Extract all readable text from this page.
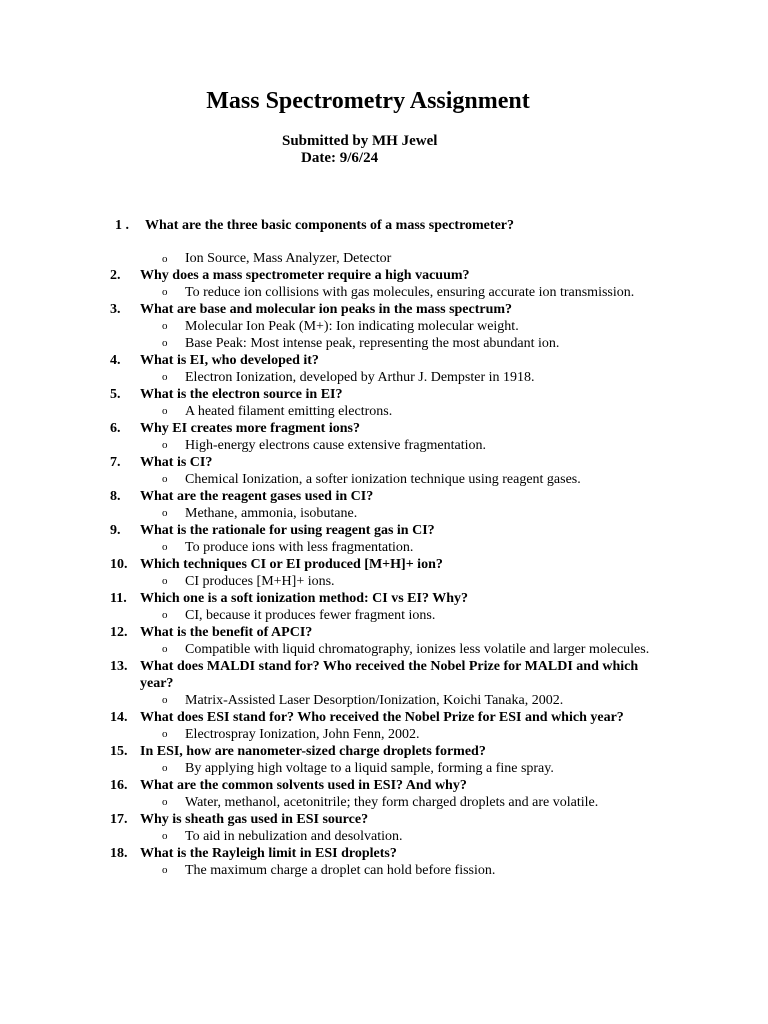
Mass Spectrometry Assignment
Submitted by MH Jewel
Date: 9/6/24
1 . What are the three basic components of a mass spectrometer?
o Ion Source, Mass Analyzer, Detector
2.	Why does a mass spectrometer require a high vacuum?
o To reduce ion collisions with gas molecules, ensuring accurate ion transmission.
3.	What are base and molecular ion peaks in the mass spectrum?
o Molecular Ion Peak (M+): Ion indicating molecular weight.
o Base Peak: Most intense peak, representing the most abundant ion.
4.	What is EI, who developed it?
o Electron Ionization, developed by Arthur J. Dempster in 1918.
5.	What is the electron source in EI?
o A heated filament emitting electrons.
6.	Why EI creates more fragment ions?
o High-energy electrons cause extensive fragmentation.
7.	What is CI?
o Chemical Ionization, a softer ionization technique using reagent gases.
8.	What are the reagent gases used in CI?
o Methane, ammonia, isobutane.
9.	What is the rationale for using reagent gas in CI?
o To produce ions with less fragmentation.
10. Which techniques CI or EI produced [M+H]+ ion?
o CI produces [M+H]+ ions.
11. Which one is a soft ionization method: CI vs EI? Why?
o CI, because it produces fewer fragment ions.
12. What is the benefit of APCI?
o Compatible with liquid chromatography, ionizes less volatile and larger molecules.
13. What does MALDI stand for? Who received the Nobel Prize for MALDI and which year?
o Matrix-Assisted Laser Desorption/Ionization, Koichi Tanaka, 2002.
14. What does ESI stand for? Who received the Nobel Prize for ESI and which year?
o Electrospray Ionization, John Fenn, 2002.
15. In ESI, how are nanometer-sized charge droplets formed?
o By applying high voltage to a liquid sample, forming a fine spray.
16. What are the common solvents used in ESI? And why?
o Water, methanol, acetonitrile; they form charged droplets and are volatile.
17. Why is sheath gas used in ESI source?
o To aid in nebulization and desolvation.
18. What is the Rayleigh limit in ESI droplets?
o The maximum charge a droplet can hold before fission.
